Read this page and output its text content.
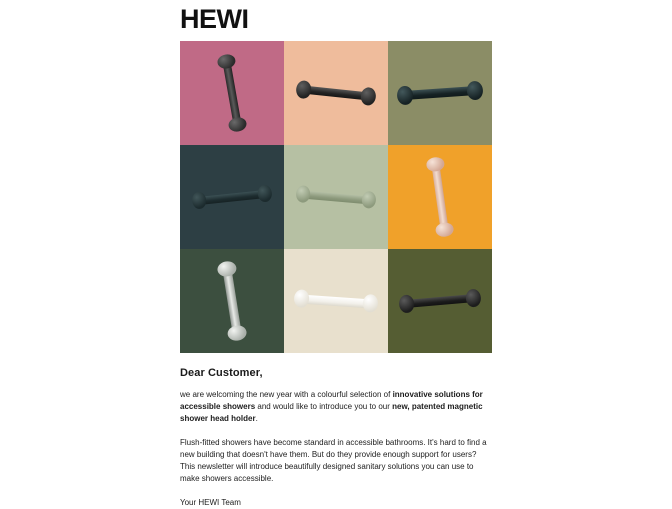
HEWI

Dear Customer,

we are welcoming the new year with a colourful selection of innovative solutions for accessible showers and would like to introduce you to our new, patented magnetic shower head holder.

Flush-fitted showers have become standard in accessible bathrooms. It's hard to find a new building that doesn't have them. But do they provide enough support for users? This newsletter will introduce beautifully designed sanitary solutions you can use to make showers accessible.

Your HEWI Team
